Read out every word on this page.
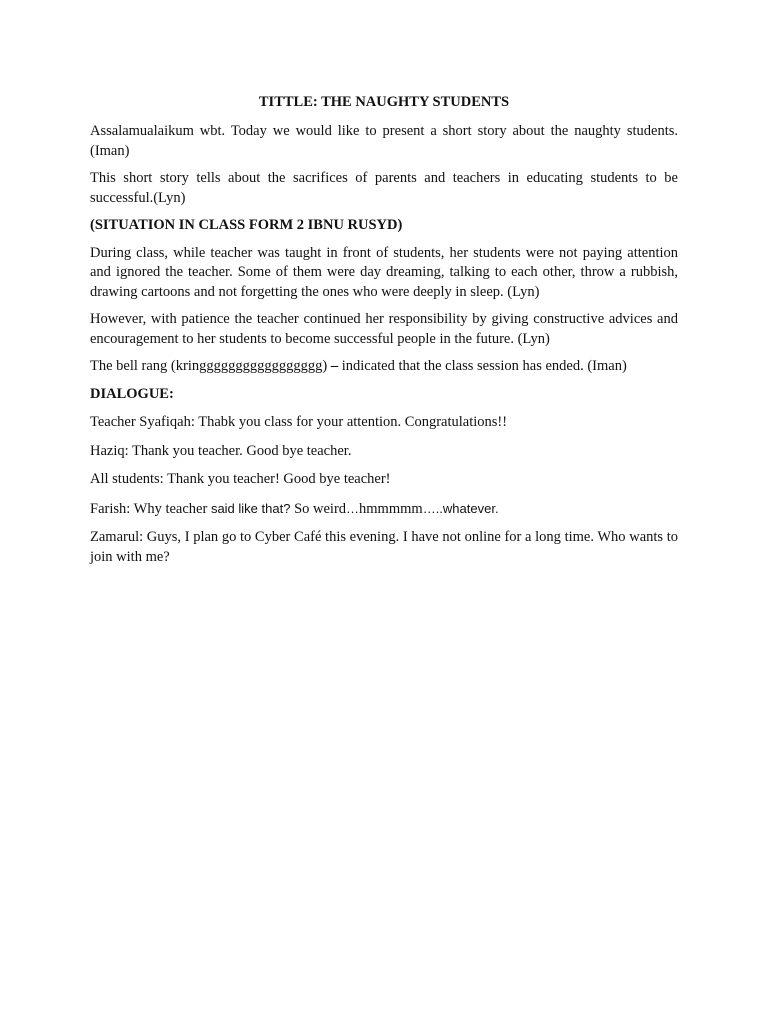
TITTLE: THE NAUGHTY STUDENTS

Assalamualaikum wbt. Today we would like to present a short story about the naughty students. (Iman)

This short story tells about the sacrifices of parents and teachers in educating students to be successful.(Lyn)

(SITUATION IN CLASS FORM 2 IBNU RUSYD)

During class, while teacher was taught in front of students, her students were not paying attention and ignored the teacher. Some of them were day dreaming, talking to each other, throw a rubbish, drawing cartoons and not forgetting the ones who were deeply in sleep. (Lyn)

However, with patience the teacher continued her responsibility by giving constructive advices and encouragement to her students to become successful people in the future. (Lyn)

The bell rang (kringgggggggggggggggg) – indicated that the class session has ended. (Iman)

DIALOGUE:

Teacher Syafiqah: Thabk you class for your attention. Congratulations!!

Haziq: Thank you teacher. Good bye teacher.

All students: Thank you teacher! Good bye teacher!

Farish: Why teacher said like that? So weird…hmmmmm…..whatever.

Zamarul: Guys, I plan go to Cyber Café this evening. I have not online for a long time. Who wants to join with me?
